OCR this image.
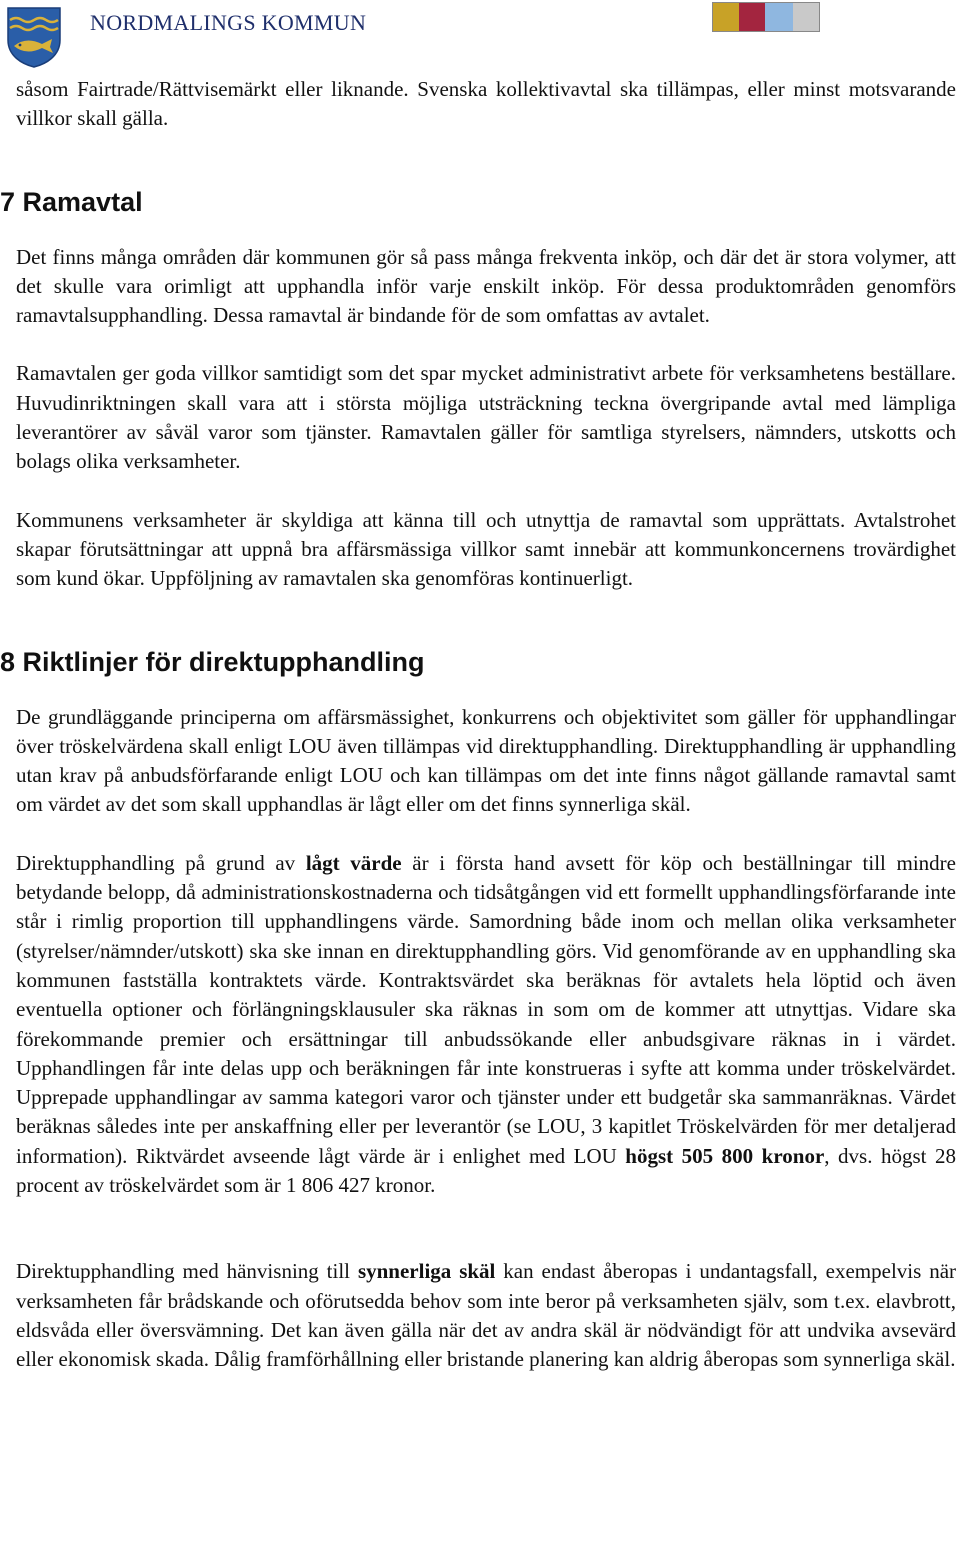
NORDMALINGS KOMMUN

såsom Fairtrade/Rättvisemärkt eller liknande. Svenska kollektivavtal ska tillämpas, eller minst motsvarande villkor skall gälla.

7 Ramavtal

Det finns många områden där kommunen gör så pass många frekventa inköp, och där det är stora volymer, att det skulle vara orimligt att upphandla inför varje enskilt inköp. För dessa produktområden genomförs ramavtalsupphandling. Dessa ramavtal är bindande för de som omfattas av avtalet.

Ramavtalen ger goda villkor samtidigt som det spar mycket administrativt arbete för verksamhetens beställare. Huvudinriktningen skall vara att i största möjliga utsträckning teckna övergripande avtal med lämpliga leverantörer av såväl varor som tjänster. Ramavtalen gäller för samtliga styrelsers, nämnders, utskotts och bolags olika verksamheter.

Kommunens verksamheter är skyldiga att känna till och utnyttja de ramavtal som upprättats. Avtalstrohet skapar förutsättningar att uppnå bra affärsmässiga villkor samt innebär att kommunkoncernens trovärdighet som kund ökar. Uppföljning av ramavtalen ska genomföras kontinuerligt.

8 Riktlinjer för direktupphandling

De grundläggande principerna om affärsmässighet, konkurrens och objektivitet som gäller för upphandlingar över tröskelvärdena skall enligt LOU även tillämpas vid direktupphandling. Direktupphandling är upphandling utan krav på anbudsförfarande enligt LOU och kan tillämpas om det inte finns något gällande ramavtal samt om värdet av det som skall upphandlas är lågt eller om det finns synnerliga skäl.

Direktupphandling på grund av lågt värde är i första hand avsett för köp och beställningar till mindre betydande belopp, då administrationskostnaderna och tidsåtgången vid ett formellt upphandlingsförfarande inte står i rimlig proportion till upphandlingens värde. Samordning både inom och mellan olika verksamheter (styrelser/nämnder/utskott) ska ske innan en direktupphandling görs. Vid genomförande av en upphandling ska kommunen fastställa kontraktets värde. Kontraktsvärdet ska beräknas för avtalets hela löptid och även eventuella optioner och förlängningsklausuler ska räknas in som om de kommer att utnyttjas. Vidare ska förekommande premier och ersättningar till anbudssökande eller anbudsgivare räknas in i värdet. Upphandlingen får inte delas upp och beräkningen får inte konstrueras i syfte att komma under tröskelvärdet. Upprepade upphandlingar av samma kategori varor och tjänster under ett budgetår ska sammanräknas. Värdet beräknas således inte per anskaffning eller per leverantör (se LOU, 3 kapitlet Tröskelvärden för mer detaljerad information). Riktvärdet avseende lågt värde är i enlighet med LOU högst 505 800 kronor, dvs. högst 28 procent av tröskelvärdet som är 1 806 427 kronor.

Direktupphandling med hänvisning till synnerliga skäl kan endast åberopas i undantagsfall, exempelvis när verksamheten får brådskande och oförutsedda behov som inte beror på verksamheten själv, som t.ex. elavbrott, eldsvåda eller översvämning. Det kan även gälla när det av andra skäl är nödvändigt för att undvika avsevärd eller ekonomisk skada. Dålig framförhållning eller bristande planering kan aldrig åberopas som synnerliga skäl.
